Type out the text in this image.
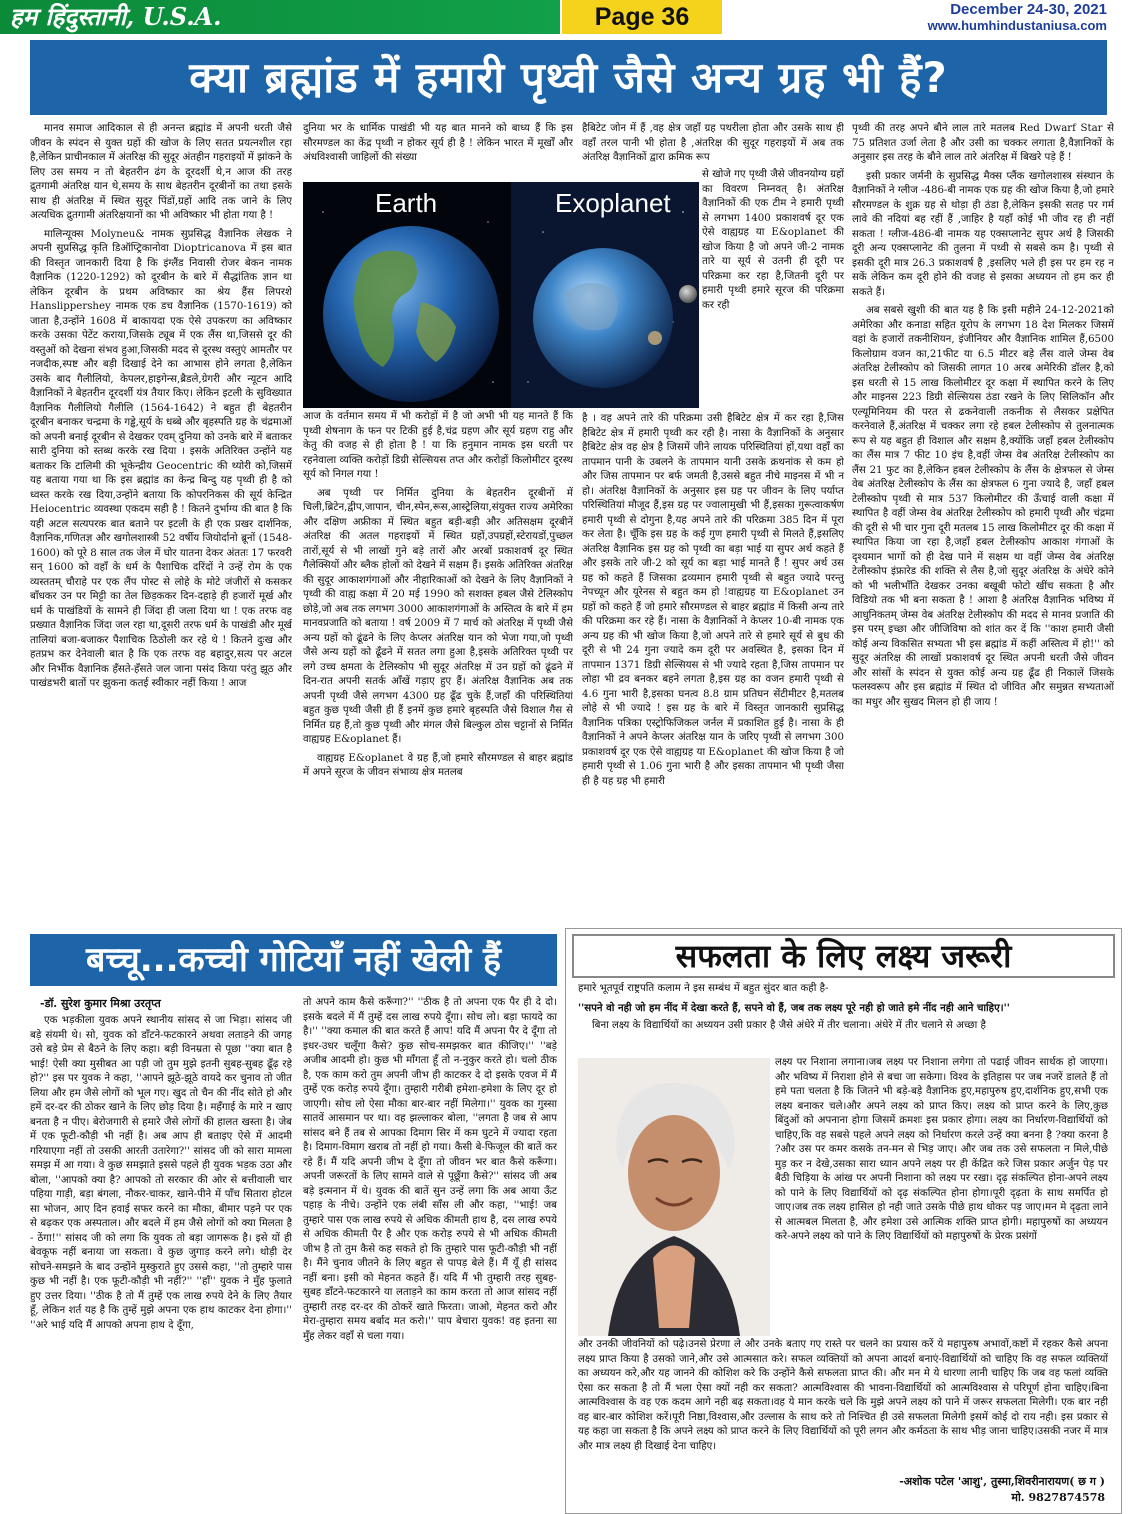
हम हिंदुस्तानी, U.S.A.	Page 36	December 24-30, 2021
www.humhindustaniusa.com
क्या ब्रह्मांड में हमारी पृथ्वी जैसे अन्य ग्रह भी हैं?

मानव समाज आदिकाल से ही अनन्त ब्रह्मांड में अपनी धरती जैसे जीवन के स्पंदन से युक्त ग्रहों की खोज के लिए सतत प्रयत्नशील रहा है,लेकिन प्राचीनकाल में अंतरिक्ष की सुदूर अंतहीन गहराइयों में झांकने के लिए उस समय न तो बेहतरीन ढंग के दूरदर्शी थे,न आज की तरह द्रुतगामी अंतरिक्ष यान थे,समय के साथ बेहतरीन दूरबीनों का तथा इसके साथ ही अंतरिक्ष में स्थित सुदूर पिंडों,ग्रहों आदि तक जाने के लिए अत्यधिक द्रुतगामी अंतरिक्षयानों का भी अविष्कार भी होता गया है !

मालिन्यूक्स Molyneu& नामक सुप्रसिद्ध वैज्ञानिक लेखक ने अपनी सुप्रसिद्ध कृति डिऑप्ट्रिकानोवा Dioptricanova में इस बात की विस्तृत जानकारी दिया है कि इंग्लैंड निवासी रोजर बेकन नामक वैज्ञानिक (1220-1292) को दूरबीन के बारे में सैद्धांतिक ज्ञान था लेकिन दूरबीन के प्रथम अविष्कार का श्रेय हैंस लिपरशे Hanslippershey नामक एक डच वैज्ञानिक (1570-1619) को जाता है,उन्होंने 1608 में बाकायदा एक ऐसे उपकरण का अविष्कार करके उसका पेटेंट कराया,जिसके ट्यूब में एक लैंस था,जिससे दूर की वस्तुओं को देखना संभव हुआ,जिसकी मदद से दूरस्थ वस्तुएं आमतौर पर नजदीक,स्पष्ट और बड़ी दिखाई देने का आभास होने लगता है,लेकिन उसके बाद गैलीलियो, केपलर,हाइगेन्स,ब्रैडले,ग्रेगरी और न्यूटन आदि वैज्ञानिकों ने बेहतरीन दूरदर्शी यंत्र तैयार किए। लेकिन इटली के सुविख्यात वैज्ञानिक गैलीलियो गैलीलि (1564-1642) ने बहुत ही बेहतरीन दूरबीन बनाकर चन्द्रमा के गड्ढे,सूर्य के धब्बे और बृहस्पति ग्रह के चंद्रमाओं को अपनी बनाई दूरबीन से देखकर एवम् दुनिया को उनके बारे में बताकर सारी दुनिया को स्तब्ध करके रख दिया । इसके अतिरिक्त उन्होंने यह बताकर कि टालिमी की भूकेन्द्रीय Geocentric की थ्योरी को,जिसमें यह बताया गया था कि इस ब्रह्मांड का केन्द्र बिन्दु यह पृथ्वी ही है को ध्वस्त करके रख दिया,उन्होंने बताया कि कोपरनिकस की सूर्य केन्द्रित Heiocentric व्यवस्था एकदम सही है ! कितने दुर्भाग्य की बात है कि यही अटल सत्यपरक बात बताने पर इटली के ही एक प्रखर दार्शनिक, वैज्ञानिक,गणितज्ञ और खगोलशास्त्री 52 वर्षीय जियोर्दानो ब्रूनों (1548-1600) को पूरे 8 साल तक जेल में घोर यातना देकर अंततः 17 फरवरी सन् 1600 को वहाँ के धर्म के पैशाचिक दरिंदों ने उन्हें रोम के एक व्यस्ततम् चौराहे पर एक लैंप पोस्ट से लोहे के मोटे जंजीरों से कसकर बाँधकर उन पर मिट्टी का तेल छिड़ककर दिन-दहाड़े ही हजारों मूर्ख और धर्म के पाखंडियों के सामने ही जिंदा ही जला दिया था ! एक तरफ वह प्रख्यात वैज्ञानिक जिंदा जल रहा था,दूसरी तरफ धर्म के पाखंडी और मूर्ख तालियां बजा-बजाकर पैशाचिक ठिठोली कर रहे थे ! कितने दुःख और हतप्रभ कर देनेवाली बात है कि एक तरफ वह बहादुर,सत्य पर अटल और निर्भीक वैज्ञानिक हँसते-हँसते जल जाना पसंद किया परंतु झूठ और पाखंडभरी बातों पर झुकना कतई स्वीकार नहीं किया ! आज

दुनिया भर के धार्मिक पाखंडी भी यह बात मानने को बाध्य हैं कि इस सौरमण्डल का केंद्र पृथ्वी न होकर सूर्य ही है ! लेकिन भारत में मूर्खों और अंधविश्वासी जाहिलों की संख्या

Earth	Exoplanet

आज के वर्तमान समय में भी करोड़ों में है जो अभी भी यह मानते हैं कि पृथ्वी शेषनाग के फन पर टिकी हुई है,चंद्र ग्रहण और सूर्य ग्रहण राहु और केतु की वजह से ही होता है ! या कि हनुमान नामक इस धरती पर रहनेवाला व्यक्ति करोड़ों डिग्री सेल्सियस तप्त और करोड़ों किलोमीटर दूरस्थ सूर्य को निगल गया !

अब पृथ्वी पर निर्मित दुनिया के बेहतरीन दूरबीनों में चिली,ब्रिटेन,द्वीप,जापान, चीन,स्पेन,रूस,आस्ट्रेलिया,संयुक्त राज्य अमेरिका और दक्षिण अफ्रीका में स्थित बहुत बड़ी-बड़ी और अतिसक्षम दूरबीनें अंतरिक्ष की अतल गहराइयों में स्थित ग्रहों,उपग्रहों,स्टेरायडों,पुच्छल तारों,सूर्य से भी लाखों गुने बड़े तारों और अरबों प्रकाशवर्ष दूर स्थित गैलेक्सियों और ब्लैक होलों को देखने में सक्षम हैं। इसके अतिरिक्त अंतरिक्ष की सुदूर आकाशगंगाओं और नीहारिकाओं को देखने के लिए वैज्ञानिकों ने पृथ्वी की वाह्य कक्षा में 20 मई 1990 को सशक्त हबल जैसे टेलिस्कोप छोड़े,जो अब तक लगभग 3000 आकाशगंगाओं के अस्तित्व के बारे में हम मानवप्रजाति को बताया ! वर्ष 2009 में 7 मार्च को अंतरिक्ष में पृथ्वी जैसे अन्य ग्रहों को ढूंढने के लिए केप्लर अंतरिक्ष यान को भेजा गया,जो पृथ्वी जैसे अन्य ग्रहों को ढूँढने में सतत लगा हुआ है,इसके अतिरिक्त पृथ्वी पर लगे उच्च क्षमता के टेलिस्कोप भी सुदूर अंतरिक्ष में उन ग्रहों को ढूंढने में दिन-रात अपनी सतर्क आँखें गड़ाए हुए हैं। अंतरिक्ष वैज्ञानिक अब तक अपनी पृथ्वी जैसे लगभग 4300 ग्रह ढूँढ चुके हैं,जहाँ की परिस्थितियां बहुत कुछ पृथ्वी जैसी ही हैं इनमें कुछ हमारे बृहस्पति जैसे विशाल गैस से निर्मित ग्रह हैं,तो कुछ पृथ्वी और मंगल जैसे बिल्कुल ठोस चट्टानों से निर्मित वाह्यग्रह E&oplanet हैं।

वाह्यग्रह E&oplanet वे ग्रह हैं,जो हमारे सौरमण्डल से बाहर ब्रह्मांड में अपने सूरज के जीवन संभाव्य क्षेत्र मतलब

हैबिटेट जोन में हैं ,वह क्षेत्र जहाँ ग्रह पथरीला होता और उसके साथ ही वहाँ तरल पानी भी होता है ,अंतरिक्ष की सुदूर गहराइयों में अब तक अंतरिक्ष वैज्ञानिकों द्वारा क्रमिक रूप

से खोजे गए पृथ्वी जैसे जीवनयोग्य ग्रहों का विवरण निम्नवत् है। अंतरिक्ष वैज्ञानिकों की एक टीम ने हमारी पृथ्वी से लगभग 1400 प्रकाशवर्ष दूर एक ऐसे वाह्यग्रह या E&oplanet की खोज किया है जो अपने जी-2 नामक तारे या सूर्य से उतनी ही दूरी पर परिक्रमा कर रहा है,जितनी दूरी पर हमारी पृथ्वी हमारे सूरज की परिक्रमा कर रही

है । वह अपने तारे की परिक्रमा उसी हैबिटेट क्षेत्र में कर रहा है,जिस हैबिटेट क्षेत्र में हमारी पृथ्वी कर रही है। नासा के वैज्ञानिकों के अनुसार हैबिटेट क्षेत्र वह क्षेत्र है जिसमें जीने लायक परिस्थितियां हों,यथा वहाँ का तापमान पानी के उबलने के तापमान यानी उसके क्रथनांक से कम हो और जिस तापमान पर बर्फ जमती है,उससे बहुत नीचे माइनस में भी न हो। अंतरिक्ष वैज्ञानिकों के अनुसार इस ग्रह पर जीवन के लिए पर्याप्त परिस्थितियां मौजूद हैं,इस ग्रह पर ज्वालामुखी भी हैं,इसका गुरूत्वाकर्षण हमारी पृथ्वी से दोगुना है,यह अपने तारे की परिक्रमा 385 दिन में पूरा कर लेता है। चूँकि इस ग्रह के कई गुण हमारी पृथ्वी से मिलते हैं,इसलिए अंतरिक्ष वैज्ञानिक इस ग्रह को पृथ्वी का बड़ा भाई या सुपर अर्थ कहते हैं और इसके तारे जी-2 को सूर्य का बड़ा भाई मानते हैं ! सुपर अर्थ उस ग्रह को कहते हैं जिसका द्रव्यमान हमारी पृथ्वी से बहुत ज्यादे परन्तु नेपच्यून और यूरेनस से बहुत कम हो !वाह्यग्रह या E&oplanet उन ग्रहों को कहते हैं जो हमारे सौरमण्डल से बाहर ब्रह्मांड में किसी अन्य तारे की परिक्रमा कर रहे हैं। नासा के वैज्ञानिकों ने केप्लर 10-बी नामक एक अन्य ग्रह की भी खोज किया है,जो अपने तारे से हमारे सूर्य से बुध की दूरी से भी 24 गुना ज्यादे कम दूरी पर अवस्थित है, इसका दिन में तापमान 1371 डिग्री सेल्सियस से भी ज्यादे रहता है,जिस तापमान पर लोहा भी द्रव बनकर बहने लगता है,इस ग्रह का वजन हमारी पृथ्वी से 4.6 गुना भारी है,इसका घनत्व 8.8 ग्राम प्रतिघन सेंटीमीटर है,मतलब लोहे से भी ज्यादे ! इस ग्रह के बारे में विस्तृत जानकारी सुप्रसिद्ध वैज्ञानिक पत्रिका एस्ट्रोफिजिकल जर्नल में प्रकाशित हुई है। नासा के ही वैज्ञानिकों ने अपने केप्लर अंतरिक्ष यान के जरिए पृथ्वी से लगभग 300 प्रकाशवर्ष दूर एक ऐसे वाह्यग्रह या E&oplanet की खोज किया है जो हमारी पृथ्वी से 1.06 गुना भारी है और इसका तापमान भी पृथ्वी जैसा ही है यह ग्रह भी हमारी

पृथ्वी की तरह अपने बौने लाल तारे मतलब Red Dwarf Star से 75 प्रतिशत उर्जा लेता है और उसी का चक्कर लगाता है,वैज्ञानिकों के अनुसार इस तरह के बौने लाल तारे अंतरिक्ष में बिखरे पड़े हैं !

इसी प्रकार जर्मनी के सुप्रसिद्ध मैक्स प्लैंक खगोलशास्त्र संस्थान के वैज्ञानिकों ने ग्लीज -486-बी नामक एक ग्रह की खोज किया है,जो हमारे सौरमण्डल के शुक्र ग्रह से थोड़ा ही ठंडा है,लेकिन इसकी सतह पर गर्म लावे की नदियां बह रहीं हैं ,जाहिर है यहाँ कोई भी जीव रह ही नहीं सकता ! ग्लीज-486-बी नामक यह एक्सप्लानेट सुपर अर्थ है जिसकी दूरी अन्य एक्सप्लानेट की तुलना में पथ्वी से सबसे कम है। पृथ्वी से इसकी दूरी मात्र 26.3 प्रकाशवर्ष है ,इसलिए भले ही इस पर हम रह न सकें लेकिन कम दूरी होने की वजह से इसका अध्ययन तो हम कर ही सकते हैं।

अब सबसे खुशी की बात यह है कि इसी महीने 24-12-2021को अमेरिका और कनाडा सहित यूरोप के लगभग 18 देश मिलकर जिसमें वहां के हजारों तकनीशियन, इंजीनियर और वैज्ञानिक शामिल हैं,6500 किलोग्राम वजन का,21फीट या 6.5 मीटर बड़े लैंस वाले जेम्स वेब अंतरिक्ष टेलीस्कोप को जिसकी लागत 10 अरब अमेरिकी डॉलर है,को इस धरती से 15 लाख किलोमीटर दूर कक्षा में स्थापित करने के लिए और माइनस 223 डिग्री सेल्सियस ठंडा रखने के लिए सिलिकॉन और एल्यूमिनियम की परत से ढकनेवाली तकनीक से लैसकर प्रक्षेपित करनेवाले हैं,अंतरिक्ष में चक्कर लगा रहे हबल टेलीस्कोप से तुलनात्मक रूप से यह बहुत ही विशाल और सक्षम है,क्योंकि जहाँ हबल टेलीस्कोप का लैंस मात्र 7 फीट 10 इंच है,वहीं जेम्स वेब अंतरिक्ष टेलीस्कोप का लैंस 21 फुट का है,लेकिन हबल टेलीस्कोप के लैंस के क्षेत्रफल से जेम्स वेब अंतरिक्ष टेलीस्कोप के लैंस का क्षेत्रफल 6 गुना ज्यादे है, जहाँ हबल टेलीस्कोप पृथ्वी से मात्र 537 किलोमीटर की ऊँचाई वाली कक्षा में स्थापित है वहीं जेम्स वेब अंतरिक्ष टेलीस्कोप को हमारी पृथ्वी और चंद्रमा की दूरी से भी चार गुना दूरी मतलब 15 लाख किलोमीटर दूर की कक्षा में स्थापित किया जा रहा है,जहाँ हबल टेलीस्कोप आकाश गंगाओं के दृश्यमान भागों को ही देख पाने में सक्षम था वहीं जेम्स वेब अंतरिक्ष टेलीस्कोप इंफ्रारेड की शक्ति से लैस है,जो सुदूर अंतरिक्ष के अंधेरे कोने को भी भलीभाँति देखकर उनका बखूबी फोटो खींच सकता है और विडियो तक भी बना सकता है ! आशा है अंतरिक्ष वैज्ञानिक भविष्य में आधुनिकतम् जेम्स वेब अंतरिक्ष टेलीस्कोप की मदद से मानव प्रजाति की इस परम् इच्छा और जीजिविषा को शांत कर दें कि ''काश हमारी जैसी कोई अन्य विकसित सभ्यता भी इस ब्रह्मांड में कहीं अस्तित्व में हो!'' को सुदूर अंतरिक्ष की लाखों प्रकाशवर्ष दूर स्थित अपनी धरती जैसे जीवन और सांसों के स्पंदन से युक्त कोई अन्य ग्रह ढूँढ ही निकालें जिसके फलस्वरूप और इस ब्रह्मांड में स्थित दो जीवित और समुन्नत सभ्यताओं का मधुर और सुखद मिलन हो ही जाय !

बच्चू...कच्ची गोटियाँ नहीं खेली हैं
-डॉ. सुरेश कुमार मिश्रा उरतृप्त

एक भड़कीला युवक अपने स्थानीय सांसद से जा भिड़ा। सांसद जी बड़े संयमी थे। सो, युवक को डाँटने-फटकारने अथवा लताड़ने की जगह उसे बड़े प्रेम से बैठने के लिए कहा। बड़ी विनम्रता से पूछा ''क्या बात है भाई! ऐसी क्या मुसीबत आ पड़ी जो तुम मुझे इतनी सुबह-सुबह ढूँढ़ रहे हो?'' इस पर युवक ने कहा, ''आपने झूठे-झूठे वायदे कर चुनाव तो जीत लिया और हम जैसे लोगों को भूल गए। खुद तो चैन की नींद सोते हो और हमें दर-दर की ठोकर खाने के लिए छोड़ दिया है। महँगाई के मारे न खाए बनता है न पीए। बेरोजगारी से हमारे जैसे लोगों की हालत खस्ता है। जेब में एक फूटी-कौड़ी भी नहीं है। अब आप ही बताइए ऐसे में आदमी गरियाएगा नहीं तो उसकी आरती उतारेगा?'' सांसद जी को सारा मामला समझ में आ गया। वे कुछ समझाते इससे पहले ही युवक भड़क उठा और बोला, ''आपको क्या है? आपको तो सरकार की ओर से बत्तीवाली चार पहिया गाड़ी, बड़ा बंगला, नौकर-चाकर, खाने-पीने में पाँच सितारा होटल सा भोजन, आए दिन हवाई सफर करने का मौका, बीमार पड़ने पर एक से बढ़कर एक अस्पताल। और बदले में हम जैसे लोगों को क्या मिलता है - ठेंगा!'' सांसद जी को लगा कि युवक तो बड़ा जागरूक है। इसे यों ही बेवकूफ नहीं बनाया जा सकता। वे कुछ जुगाड़ करने लगे। थोड़ी देर सोचने-समझने के बाद उन्होंने मुस्कुराते हुए उससे कहा, ''तो तुम्हारे पास कुछ भी नहीं है। एक फूटी-कौड़ी भी नहीं?'' ''हाँ'' युवक ने मुँह फुलाते हुए उत्तर दिया। ''ठीक है तो मैं तुम्हें एक लाख रुपये देने के लिए तैयार हूँ, लेकिन शर्त यह है कि तुम्हें मुझे अपना एक हाथ काटकर देना होगा।'' ''अरे भाई यदि मैं आपको अपना हाथ दे दूँगा,

तो अपने काम कैसे करूँगा?'' ''ठीक है तो अपना एक पैर ही दे दो। इसके बदले में मैं तुम्हें दस लाख रुपये दूँगा। सोच लो। बड़ा फायदे का है।'' ''क्या कमाल की बात करते हैं आप! यदि मैं अपना पैर दे दूँगा तो इधर-उधर चलूँगा कैसे? कुछ सोच-समझकर बात कीजिए।'' ''बड़े अजीब आदमी हो। कुछ भी माँगता हूँ तो न-नुकुर करते हो। चलो ठीक है, एक काम करो तुम अपनी जीभ ही काटकर दे दो इसके एवज में मैं तुम्हें एक करोड़ रुपये दूँगा। तुम्हारी गरीबी हमेशा-हमेशा के लिए दूर हो जाएगी। सोच लो ऐसा मौका बार-बार नहीं मिलेगा।'' युवक का गुस्सा सातवें आसमान पर था। वह झल्लाकर बोला, ''लगता है जब से आप सांसद बने हैं तब से आपका दिमाग सिर में कम घुटने में ज्यादा रहता है। दिमाग-विमाग खराब तो नहीं हो गया। कैसी बे-फिजूल की बातें कर रहे हैं। मैं यदि अपनी जीभ दे दूँगा तो जीवन भर बात कैसे करूँगा। अपनी जरूरतों के लिए सामने वाले से पूछूँगा कैसे?'' सांसद जी अब बड़े इत्मनान में थे। युवक की बातें सुन उन्हें लगा कि अब आया ऊँट पहाड़ के नीचे। उन्होंने एक लंबी साँस ली और कहा, ''भाई! जब तुम्हारे पास एक लाख रुपये से अधिक कीमती हाथ है, दस लाख रुपये से अधिक कीमती पैर है और एक करोड़ रुपये से भी अधिक कीमती जीभ है तो तुम कैसे कह सकते हो कि तुम्हारे पास फूटी-कौड़ी भी नहीं है। मैंने चुनाव जीतने के लिए बहुत से पापड़ बेले हैं। मैं यूँ ही सांसद नहीं बना। इसी को मेहनत कहते हैं। यदि मैं भी तुम्हारी तरह सुबह-सुबह डाँटने-फटकारने या लताड़ने का काम करता तो आज सांसद नहीं तुम्हारी तरह दर-दर की ठोकरें खाते फिरता। जाओ, मेहनत करो और मेरा-तुम्हारा समय बर्बाद मत करो।'' पाप बेचारा युवक! वह इतना सा मुँह लेकर वहाँ से चला गया।

सफलता के लिए लक्ष्य जरूरी

हमारे भूतपूर्व राष्ट्रपति कलाम ने इस सम्बंध में बहुत सुंदर बात कही है-

''सपने वो नही जो हम नींद में देखा करते हैं, सपने वो हैं, जब तक लक्ष्य पूरे नही हो जाते हमे नींद नही आने चाहिए।''

बिना लक्ष्य के विद्यार्थियों का अध्ययन उसी प्रकार है जैसे अंधेरे में तीर चलाना। अंधेरे में तीर चलाने से अच्छा है

लक्ष्य पर निशाना लगाना।जब लक्ष्य पर निशाना लगेगा तो पढाई जीवन सार्थक हो जाएगा।और भविष्य में निराशा होने से बचा जा सकेगा। विश्व के इतिहास पर जब नजरें डालते हैं तो हमे पता चलता है कि जितने भी बड़े-बड़े वैज्ञानिक हुए,महापुरुष हुए,दार्शनिक हुए,सभी एक लक्ष्य बनाकर चले।और अपने लक्ष्य को प्राप्त किए। लक्ष्य को प्राप्त करने के लिए,कुछ बिंदुओं को अपनाना होगा जिसमें क्रमशः इस प्रकार होगा। लक्ष्य का निर्धारण-विद्यार्थियों को चाहिए,कि वह सबसे पहले अपने लक्ष्य को निर्धारण करले उन्हें क्या बनना है ?क्या करना है ?और उस पर कमर कसके तन-मन से भिड़ जाए। और जब तक उसे सफलता न मिले,पीछे मुड़ कर न देखे,उसका सारा ध्यान अपने लक्ष्य पर ही केंद्रित करे जिस प्रकार अर्जुन पेड़ पर बैठी चिड़िया के आंख पर अपनी निशाना को लक्ष्य पर रखा। दृढ़ संकल्पित होना-अपने लक्ष्य को पाने के लिए विद्यार्थियों को दृढ़ संकल्पित होना होगा।पूरी दृढ़ता के साथ समर्पित हो जाए।जब तक लक्ष्य हासिल हो नही जाते उसके पीछे हाथ धोकर पड़ जाए।मन मे दृढ़ता लाने से आत्मबल मिलता है, और हमेशा उसे आत्मिक शक्ति प्राप्त होगी। महापुरुषों का अध्ययन करे-अपने लक्ष्य को पाने के लिए विद्यार्थियों को महापुरुषों के प्रेरक प्रसंगों

और उनकी जीवनियों को पढ़े।उनसे प्रेरणा ले और उनके बताए गए रास्ते पर चलने का प्रयास करें ये महापुरुष अभावों,कष्टों में रहकर कैसे अपना लक्ष्य प्राप्त किया है उसको जाने,और उसे आत्मसात करे। सफल व्यक्तियों को अपना आदर्श बनाएं-विद्यार्थियों को चाहिए कि वह सफल व्यक्तियों का अध्ययन करे,और यह जानने की कोशिश करे कि उन्होंने कैसे सफलता प्राप्त की। और मन मे ये धारणा लानी चाहिए कि जब वह फलां व्यक्ति ऐसा कर सकता है तो मैं भला ऐसा क्यों नही कर सकता? आत्मविश्वास की भावना-विद्यार्थियों को आत्मविश्वास से परिपूर्ण होना चाहिए।बिना आत्मविश्वास के वह एक कदम आगे नही बढ़ सकता।वह ये मान करके चले कि मुझे अपने लक्ष्य को पाने में जरूर सफलता मिलेगी। एक बार नही वह बार-बार कोशिश करें।पूरी निष्ठा,विश्वास,और उल्लास के साथ करे तो निश्चित ही उसे सफलता मिलेगी इसमें कोई दो राय नही। इस प्रकार से यह कहा जा सकता है कि अपने लक्ष्य को प्राप्त करने के लिए विद्यार्थियों को पूरी लगन और कर्मठता के साथ भीड़ जाना चाहिए।उसकी नजर में मात्र और मात्र लक्ष्य ही दिखाई देना चाहिए।

-अशोक पटेल 'आशु', तुस्मा,शिवरीनारायण( छ ग )
मो. 9827874578
